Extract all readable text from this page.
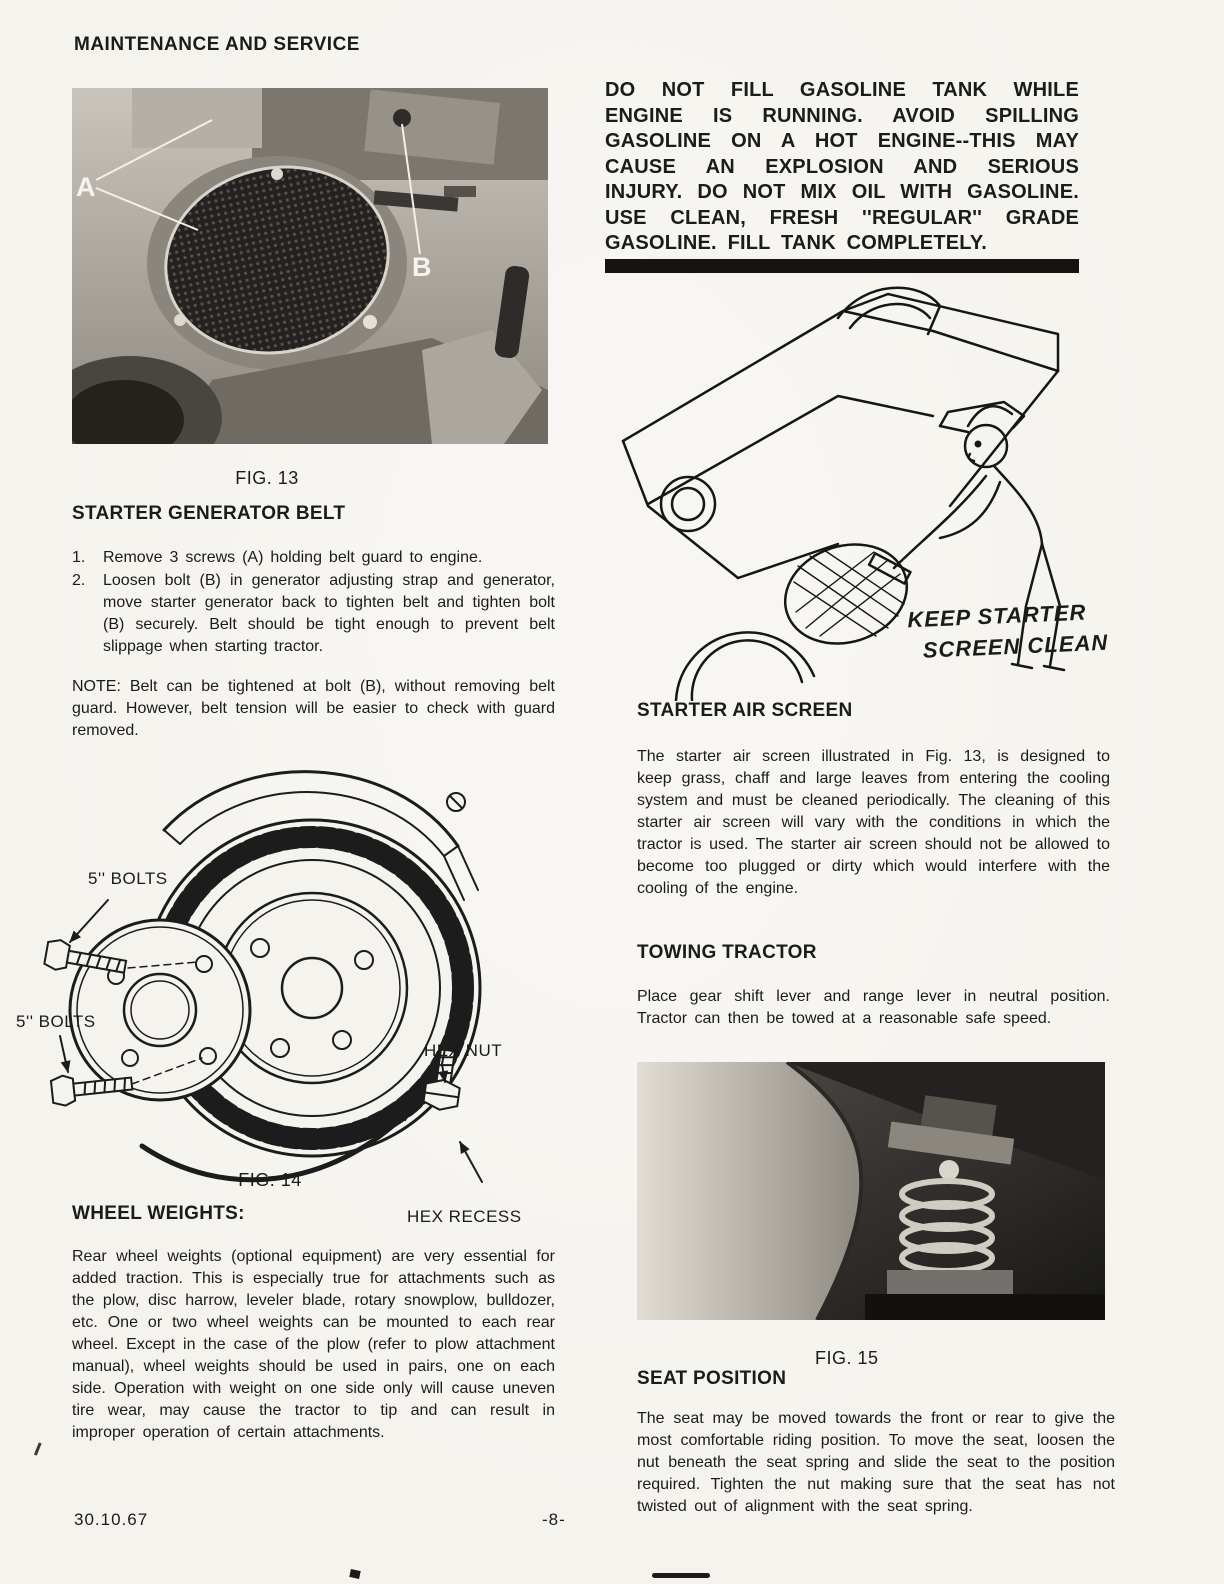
MAINTENANCE AND SERVICE
A
B
FIG. 13
STARTER GENERATOR BELT
1.	Remove 3 screws (A) holding belt guard to engine.
2.	Loosen bolt (B) in generator adjusting strap and generator, move starter generator back to tighten belt and tighten bolt (B) securely. Belt should be tight enough to prevent belt slippage when starting tractor.
NOTE: Belt can be tightened at bolt (B), without removing belt guard. However, belt tension will be easier to check with guard removed.
5'' BOLTS
5'' BOLTS
HEX NUT
FIG. 14
WHEEL WEIGHTS:	HEX RECESS
Rear wheel weights (optional equipment) are very essential for added traction. This is especially true for attachments such as the plow, disc harrow, leveler blade, rotary snowplow, bulldozer, etc. One or two wheel weights can be mounted to each rear wheel. Except in the case of the plow (refer to plow attachment manual), wheel weights should be used in pairs, one on each side. Operation with weight on one side only will cause uneven tire wear, may cause the tractor to tip and can result in improper operation of certain attachments.
30.10.67
DO NOT FILL GASOLINE TANK WHILE ENGINE IS RUNNING. AVOID SPILLING GASOLINE ON A HOT ENGINE--THIS MAY CAUSE AN EXPLOSION AND SERIOUS INJURY. DO NOT MIX OIL WITH GASOLINE. USE CLEAN, FRESH ''REGULAR'' GRADE GASOLINE. FILL TANK COMPLETELY.
KEEP STARTER
SCREEN CLEAN
STARTER AIR SCREEN
The starter air screen illustrated in Fig. 13, is designed to keep grass, chaff and large leaves from entering the cooling system and must be cleaned periodically. The cleaning of this starter air screen will vary with the conditions in which the tractor is used. The starter air screen should not be allowed to become too plugged or dirty which would interfere with the cooling of the engine.
TOWING TRACTOR
Place gear shift lever and range lever in neutral position. Tractor can then be towed at a reasonable safe speed.
FIG. 15
SEAT POSITION
The seat may be moved towards the front or rear to give the most comfortable riding position. To move the seat, loosen the nut beneath the seat spring and slide the seat to the position required. Tighten the nut making sure that the seat has not twisted out of alignment with the seat spring.
-8-
